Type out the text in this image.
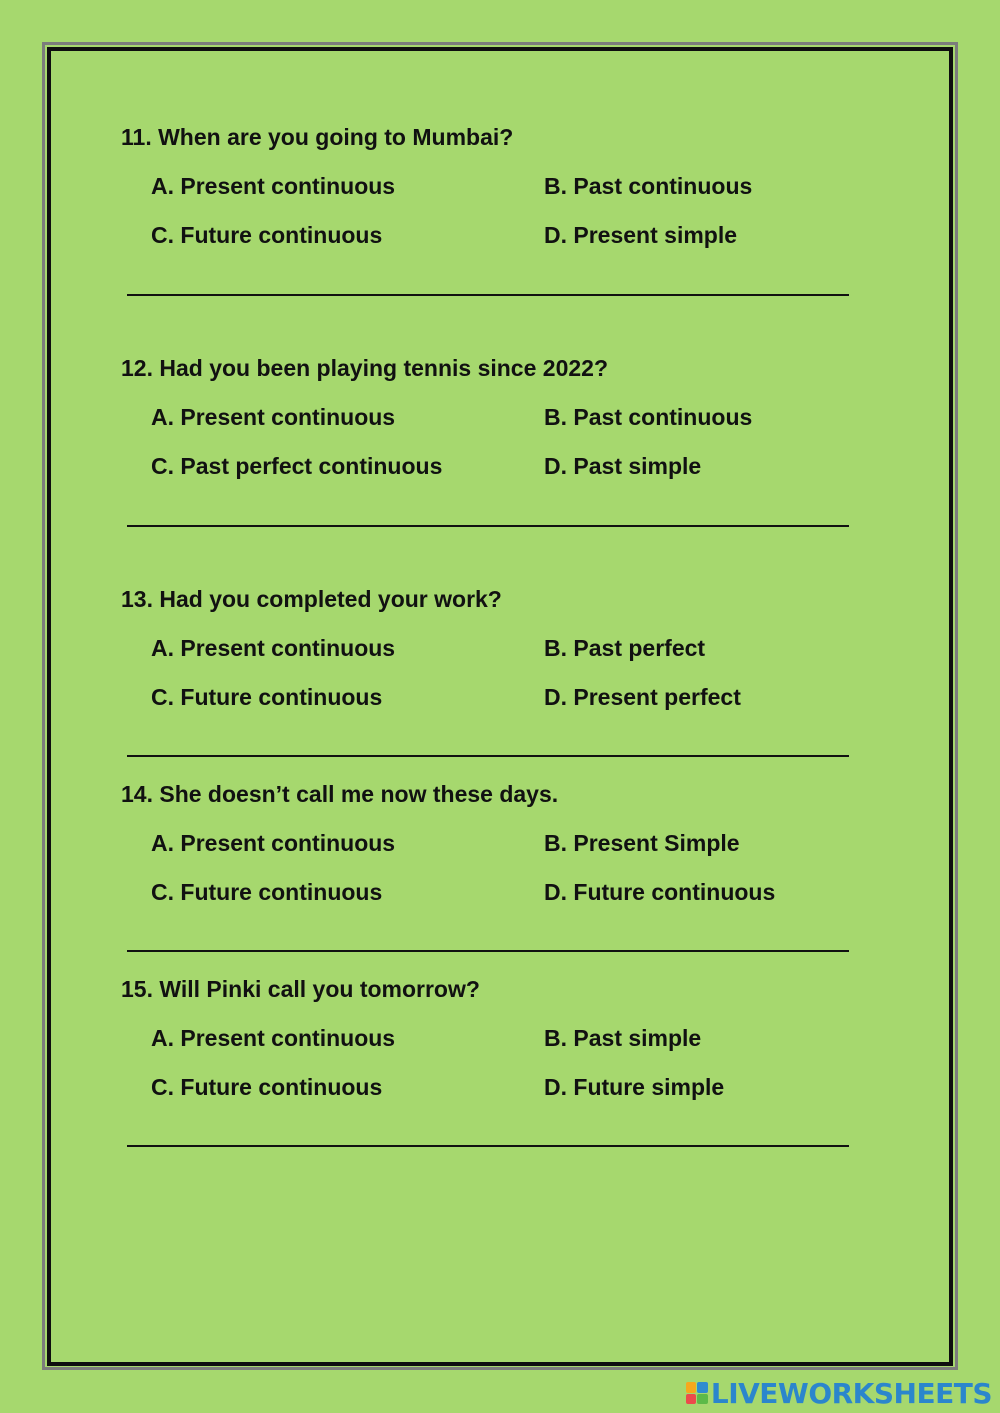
11. When are you going to Mumbai?
A. Present continuous	B. Past continuous
C. Future continuous	D. Present simple
12. Had you been playing tennis since 2022?
A. Present continuous	B. Past continuous
C. Past perfect continuous	D. Past simple
13. Had you completed your work?
A. Present continuous	B. Past perfect
C. Future continuous	D. Present perfect
14. She doesn’t call me now these days.
A. Present continuous	B. Present Simple
C. Future continuous	D. Future continuous
15. Will Pinki call you tomorrow?
A. Present continuous	B. Past simple
C. Future continuous	D. Future simple
LIVEWORKSHEETS
